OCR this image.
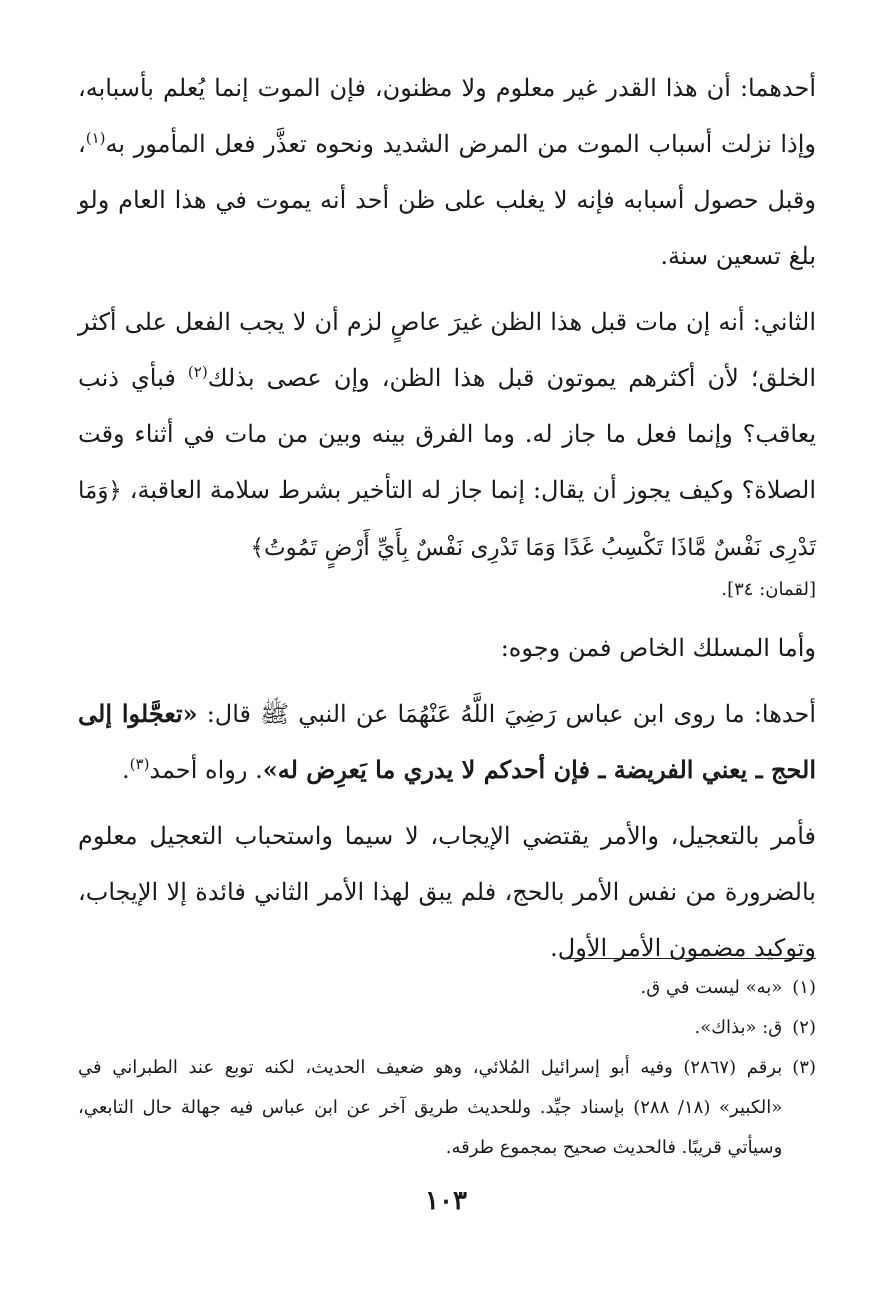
أحدهما: أن هذا القدر غير معلوم ولا مظنون، فإن الموت إنما يُعلم بأسبابه، وإذا نزلت أسباب الموت من المرض الشديد ونحوه تعذَّر فعل المأمور به$^{(١)}$، وقبل حصول أسبابه فإنه لا يغلب على ظن أحد أنه يموت في هذا العام ولو بلغ تسعين سنة.

الثاني: أنه إن مات قبل هذا الظن غيرَ عاصٍ لزم أن لا يجب الفعل على أكثر الخلق؛ لأن أكثرهم يموتون قبل هذا الظن، وإن عصى بذلك$^{(٢)}$ فبأي ذنب يعاقب؟ وإنما فعل ما جاز له. وما الفرق بينه وبين من مات في أثناء وقت الصلاة؟ وكيف يجوز أن يقال: إنما جاز له التأخير بشرط سلامة العاقبة، ﴿وَمَا تَدْرِى نَفْسٌ مَّاذَا تَكْسِبُ غَدًا وَمَا تَدْرِى نَفْسٌ بِأَيِّ أَرْضٍ تَمُوتُ﴾

[لقمان: ٣٤].

وأما المسلك الخاص فمن وجوه:

أحدها: ما روى ابن عباس رَضِيَ اللَّهُ عَنْهُمَا عن النبي ﷺ قال: «تعجَّلوا إلى الحج ـ يعني الفريضة ـ فإن أحدكم لا يدري ما يَعرِض له». رواه أحمد$^{(٣)}$.

فأمر بالتعجيل، والأمر يقتضي الإيجاب، لا سيما واستحباب التعجيل معلوم بالضرورة من نفس الأمر بالحج، فلم يبق لهذا الأمر الثاني فائدة إلا الإيجاب، وتوكيد مضمون الأمر الأول.

(١)
«به» ليست في ق.
(٢)
ق: «بذاك».
(٣)
برقم (٢٨٦٧) وفيه أبو إسرائيل المُلائي، وهو ضعيف الحديث، لكنه توبع عند الطبراني في «الكبير» (١٨/ ٢٨٨) بإسناد جيِّد. وللحديث طريق آخر عن ابن عباس فيه جهالة حال التابعي، وسيأتي قريبًا. فالحديث صحيح بمجموع طرقه.
١٠٣
